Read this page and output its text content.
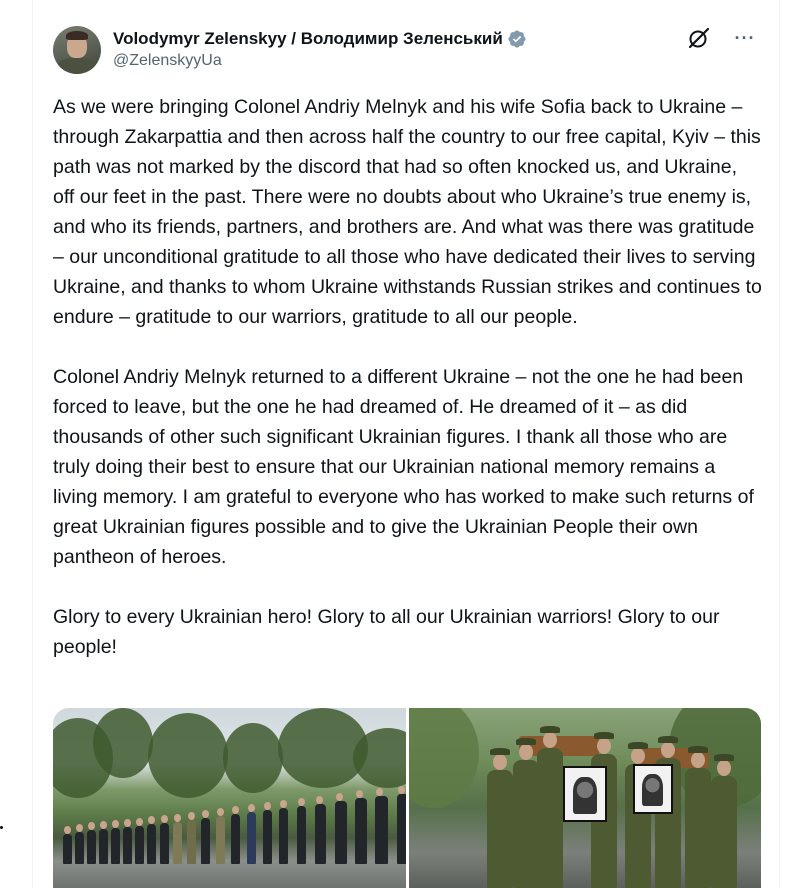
Volodymyr Zelenskyy / Володимир Зеленський
@ZelenskyyUa
···

As we were bringing Colonel Andriy Melnyk and his wife Sofia back to Ukraine – through Zakarpattia and then across half the country to our free capital, Kyiv – this path was not marked by the discord that had so often knocked us, and Ukraine, off our feet in the past. There were no doubts about who Ukraine’s true enemy is, and who its friends, partners, and brothers are. And what was there was gratitude – our unconditional gratitude to all those who have dedicated their lives to serving Ukraine, and thanks to whom Ukraine withstands Russian strikes and continues to endure – gratitude to our warriors, gratitude to all our people.

Colonel Andriy Melnyk returned to a different Ukraine – not the one he had been forced to leave, but the one he had dreamed of. He dreamed of it – as did thousands of other such significant Ukrainian figures. I thank all those who are truly doing their best to ensure that our Ukrainian national memory remains a living memory. I am grateful to everyone who has worked to make such returns of great Ukrainian figures possible and to give the Ukrainian People their own pantheon of heroes.

Glory to every Ukrainian hero! Glory to all our Ukrainian warriors! Glory to our people!
